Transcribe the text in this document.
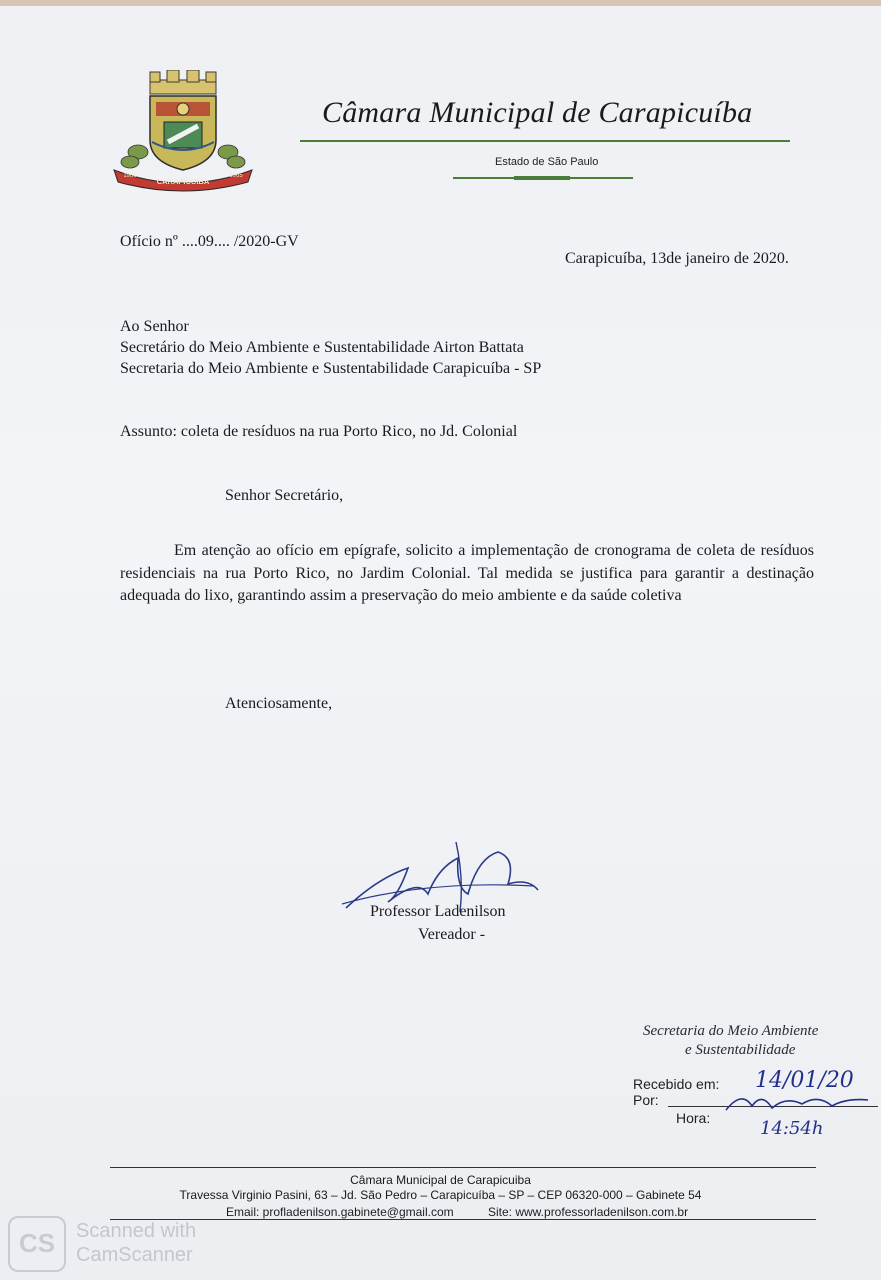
CARAPICUIBA
1965	1965
Câmara Municipal de Carapicuíba
Estado de São Paulo
Ofício nº ....09.... /2020-GV
Carapicuíba, 13de janeiro de 2020.
Ao Senhor
Secretário do Meio Ambiente e Sustentabilidade Airton Battata
Secretaria do Meio Ambiente e Sustentabilidade Carapicuíba - SP
Assunto: coleta de resíduos na rua Porto Rico, no Jd. Colonial
Senhor Secretário,
Em atenção ao ofício em epígrafe, solicito a implementação de cronograma de coleta de resíduos residenciais na rua Porto Rico, no Jardim Colonial. Tal medida se justifica para garantir a destinação adequada do lixo, garantindo assim a preservação do meio ambiente e da saúde coletiva
Atenciosamente,
Professor Ladenilson
Vereador -
Secretaria do Meio Ambiente
e Sustentabilidade
Recebido em: 14/01/20
Por:
Hora:	14:54h
Câmara Municipal de Carapicuiba
Travessa Virginio Pasini, 63 – Jd. São Pedro – Carapicuíba – SP – CEP 06320-000 – Gabinete 54
Email: profladenilson.gabinete@gmail.com	Site: www.professorladenilson.com.br
CS	Scanned with
CamScanner
